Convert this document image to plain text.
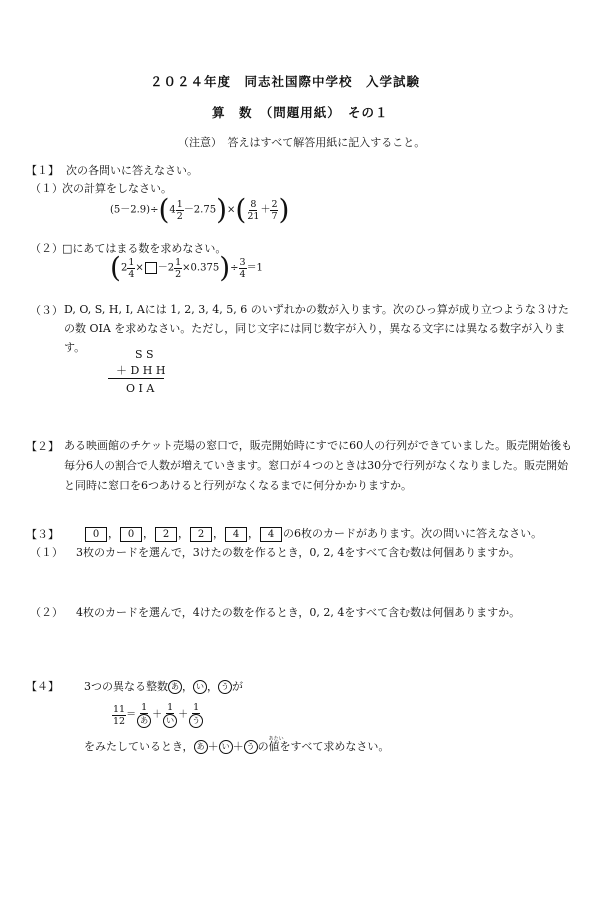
２０２４年度　同志社国際中学校　入学試験
算　数　（問題用紙）　その１
（注意）　答えはすべて解答用紙に記入すること。
【１】 次の各問いに答えなさい。
（１） 次の計算をしなさい。
$(5-2.9)\div(4 \frac{1}{2} -2.75)\times( \frac{8}{21} + \frac{2}{7}$ )
（２） □にあてはまる数を求めなさい。
$(2 \frac{1}{4} \times -2 \frac{1}{2} \times 0.375)\div \frac{3}{4} =1$
（３） D, O, S, H, I, Aには 1, 2, 3, 4, 5, 6 のいずれかの数が入ります。次のひっ算が成り立つような３けたの数 OIA を求めなさい。ただし，同じ文字には同じ数字が入り，異なる文字には異なる数字が入ります。
S S
＋ D H H
O I A
【２】 ある映画館のチケット売場の窓口で，販売開始時にすでに60人の行列ができていました。販売開始後も毎分6人の割合で人数が増えていきます。窓口が４つのときは30分で行列がなくなりました。販売開始と同時に窓口を6つあけると行列がなくなるまでに何分かかりますか。
【３】	0 ， 0 ， 2 ， 2 ， 4 ， 4 の6枚のカードがあります。次の問いに答えなさい。
（１） 3枚のカードを選んで，3けたの数を作るとき，0, 2, 4をすべて含む数は何個ありますか。
（２） 4枚のカードを選んで，4けたの数を作るとき，0, 2, 4をすべて含む数は何個ありますか。
【４】 3つの異なる整数 あ ， い ， う が
$\frac{11}{12} = \frac{1}{\text{あ}} + \frac{1}{\text{い}} + \frac{1}{\text{う}}$
をみたしているとき， あ ＋ い ＋ う の
あたい
値をすべて求めなさい。
